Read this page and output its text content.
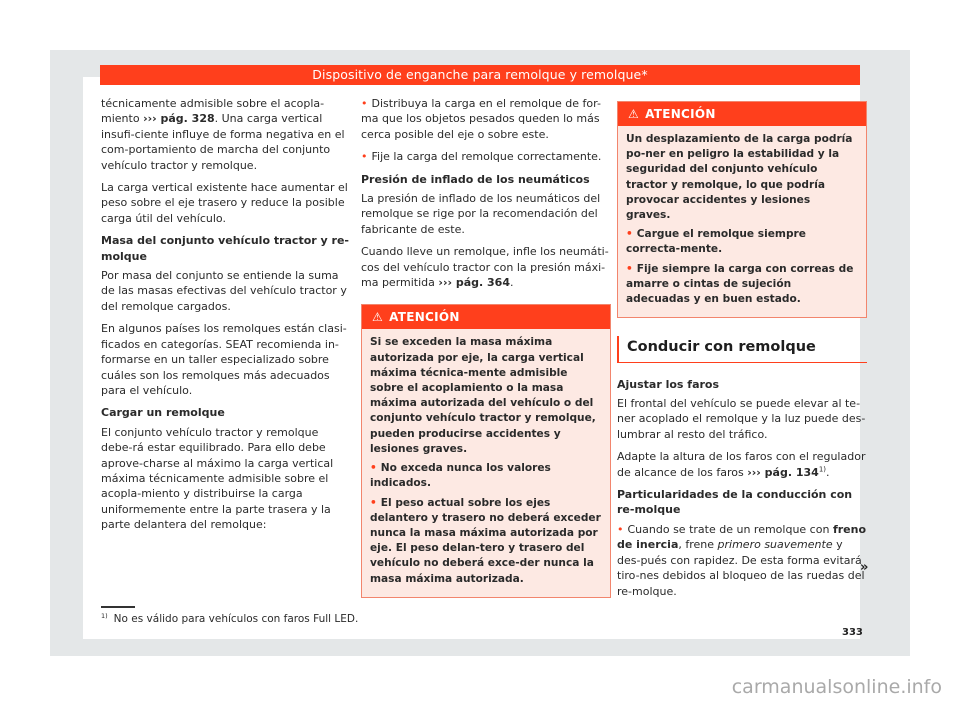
Dispositivo de enganche para remolque y remolque*

técnicamente admisible sobre el acopla-miento ››› pág. 328. Una carga vertical insufi-ciente influye de forma negativa en el com-portamiento de marcha del conjunto vehículo tractor y remolque.

La carga vertical existente hace aumentar el peso sobre el eje trasero y reduce la posible carga útil del vehículo.

Masa del conjunto vehículo tractor y re-molque

Por masa del conjunto se entiende la suma de las masas efectivas del vehículo tractor y del remolque cargados.

En algunos países los remolques están clasi-ficados en categorías. SEAT recomienda in-formarse en un taller especializado sobre cuáles son los remolques más adecuados para el vehículo.

Cargar un remolque

El conjunto vehículo tractor y remolque debe-rá estar equilibrado. Para ello debe aprove-charse al máximo la carga vertical máxima técnicamente admisible sobre el acopla-miento y distribuirse la carga uniformemente entre la parte trasera y la parte delantera del remolque:

• Distribuya la carga en el remolque de for-ma que los objetos pesados queden lo más cerca posible del eje o sobre este.

• Fije la carga del remolque correctamente.

Presión de inflado de los neumáticos

La presión de inflado de los neumáticos del remolque se rige por la recomendación del fabricante de este.

Cuando lleve un remolque, infle los neumáti-cos del vehículo tractor con la presión máxi-ma permitida ››› pág. 364.

⚠ ATENCIÓN

Si se exceden la masa máxima autorizada por eje, la carga vertical máxima técnica-mente admisible sobre el acoplamiento o la masa máxima autorizada del vehículo o del conjunto vehículo tractor y remolque, pueden producirse accidentes y lesiones graves.

• No exceda nunca los valores indicados.

• El peso actual sobre los ejes delantero y trasero no deberá exceder nunca la masa máxima autorizada por eje. El peso delan-tero y trasero del vehículo no deberá exce-der nunca la masa máxima autorizada.

⚠ ATENCIÓN

Un desplazamiento de la carga podría po-ner en peligro la estabilidad y la seguridad del conjunto vehículo tractor y remolque, lo que podría provocar accidentes y lesiones graves.

• Cargue el remolque siempre correcta-mente.

• Fije siempre la carga con correas de amarre o cintas de sujeción adecuadas y en buen estado.

Conducir con remolque

Ajustar los faros

El frontal del vehículo se puede elevar al te-ner acoplado el remolque y la luz puede des-lumbrar al resto del tráfico.

Adapte la altura de los faros con el regulador de alcance de los faros ››› pág. 134$^{1)}$.

Particularidades de la conducción con re-molque

• Cuando se trate de un remolque con freno de inercia, frene primero suavemente y des-pués con rapidez. De esta forma evitará tiro-nes debidos al bloqueo de las ruedas del re-molque.

»
$^{1)}$ No es válido para vehículos con faros Full LED.
333
carmanualsonline.info
